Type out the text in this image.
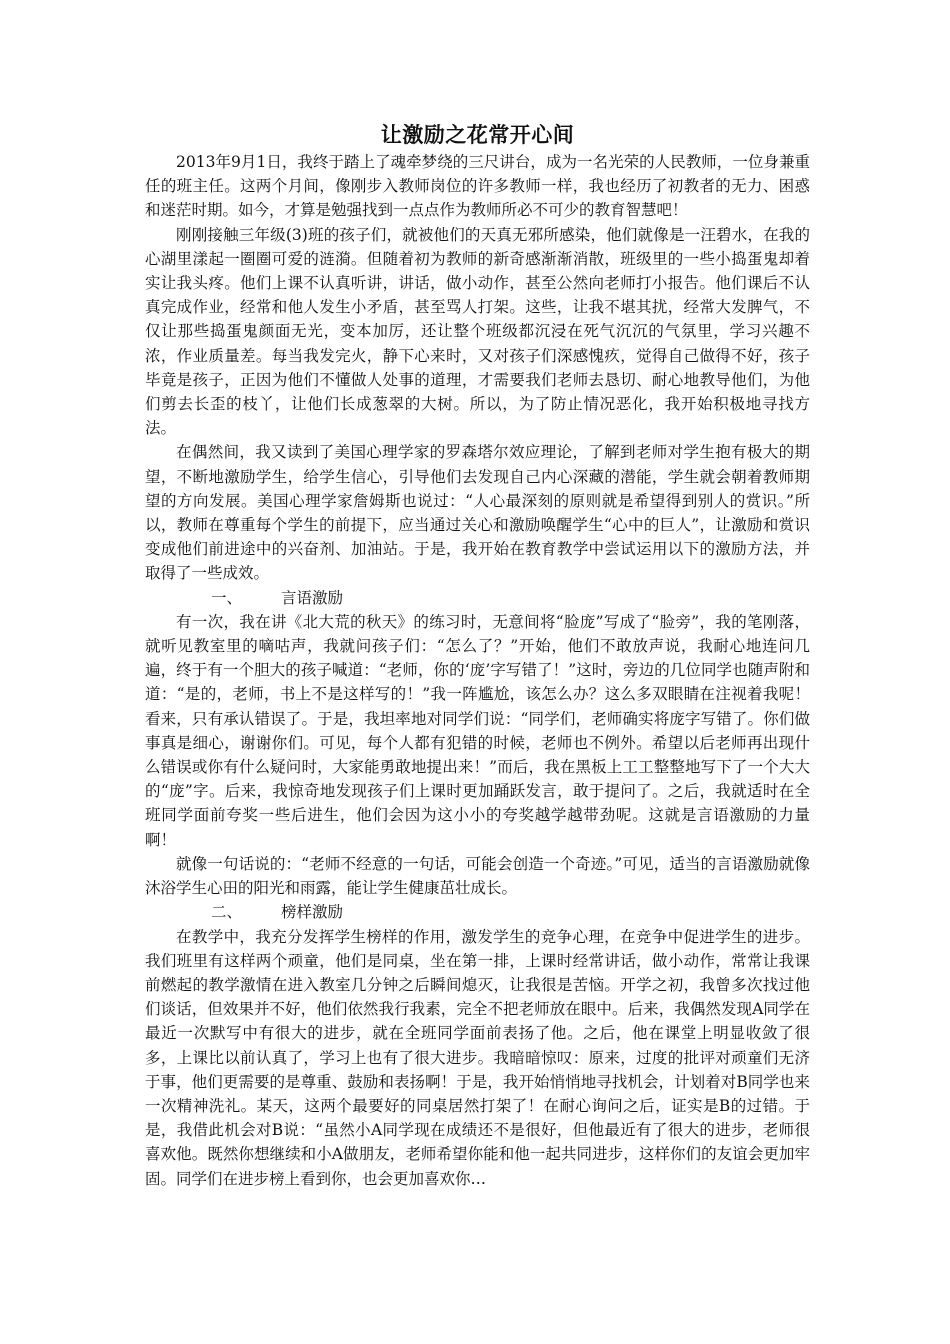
让激励之花常开心间

2013年9月1日，我终于踏上了魂牵梦绕的三尺讲台，成为一名光荣的人民教师，一位身兼重任的班主任。这两个月间，像刚步入教师岗位的许多教师一样，我也经历了初教者的无力、困惑和迷茫时期。如今，才算是勉强找到一点点作为教师所必不可少的教育智慧吧！

刚刚接触三年级(3)班的孩子们，就被他们的天真无邪所感染，他们就像是一汪碧水，在我的心湖里漾起一圈圈可爱的涟漪。但随着初为教师的新奇感渐渐消散，班级里的一些小捣蛋鬼却着实让我头疼。他们上课不认真听讲，讲话，做小动作，甚至公然向老师打小报告。他们课后不认真完成作业，经常和他人发生小矛盾，甚至骂人打架。这些，让我不堪其扰，经常大发脾气，不仅让那些捣蛋鬼颜面无光，变本加厉，还让整个班级都沉浸在死气沉沉的气氛里，学习兴趣不浓，作业质量差。每当我发完火，静下心来时，又对孩子们深感愧疚，觉得自己做得不好，孩子毕竟是孩子，正因为他们不懂做人处事的道理，才需要我们老师去恳切、耐心地教导他们，为他们剪去长歪的枝丫，让他们长成葱翠的大树。所以，为了防止情况恶化，我开始积极地寻找方法。

在偶然间，我又读到了美国心理学家的罗森塔尔效应理论，了解到老师对学生抱有极大的期望，不断地激励学生，给学生信心，引导他们去发现自己内心深藏的潜能，学生就会朝着教师期望的方向发展。美国心理学家詹姆斯也说过：“人心最深刻的原则就是希望得到别人的赏识。”所以，教师在尊重每个学生的前提下，应当通过关心和激励唤醒学生“心中的巨人”，让激励和赏识变成他们前进途中的兴奋剂、加油站。于是，我开始在教育教学中尝试运用以下的激励方法，并取得了一些成效。

一、	言语激励

有一次，我在讲《北大荒的秋天》的练习时，无意间将“脸庞”写成了“脸旁”，我的笔刚落，就听见教室里的嘀咕声，我就问孩子们：“怎么了？”开始，他们不敢放声说，我耐心地连问几遍，终于有一个胆大的孩子喊道：“老师，你的‘庞’字写错了！”这时，旁边的几位同学也随声附和道：“是的，老师，书上不是这样写的！”我一阵尴尬，该怎么办？这么多双眼睛在注视着我呢！看来，只有承认错误了。于是，我坦率地对同学们说：“同学们，老师确实将庞字写错了。你们做事真是细心，谢谢你们。可见，每个人都有犯错的时候，老师也不例外。希望以后老师再出现什么错误或你有什么疑问时，大家能勇敢地提出来！”而后，我在黑板上工工整整地写下了一个大大的“庞”字。后来，我惊奇地发现孩子们上课时更加踊跃发言，敢于提问了。之后，我就适时在全班同学面前夸奖一些后进生，他们会因为这小小的夸奖越学越带劲呢。这就是言语激励的力量啊！

就像一句话说的：“老师不经意的一句话，可能会创造一个奇迹。”可见，适当的言语激励就像沐浴学生心田的阳光和雨露，能让学生健康茁壮成长。

二、	榜样激励

在教学中，我充分发挥学生榜样的作用，激发学生的竞争心理，在竞争中促进学生的进步。我们班里有这样两个顽童，他们是同桌，坐在第一排，上课时经常讲话，做小动作，常常让我课前燃起的教学激情在进入教室几分钟之后瞬间熄灭，让我很是苦恼。开学之初，我曾多次找过他们谈话，但效果并不好，他们依然我行我素，完全不把老师放在眼中。后来，我偶然发现A同学在最近一次默写中有很大的进步，就在全班同学面前表扬了他。之后，他在课堂上明显收敛了很多，上课比以前认真了，学习上也有了很大进步。我暗暗惊叹：原来，过度的批评对顽童们无济于事，他们更需要的是尊重、鼓励和表扬啊！于是，我开始悄悄地寻找机会，计划着对B同学也来一次精神洗礼。某天，这两个最要好的同桌居然打架了！在耐心询问之后，证实是B的过错。于是，我借此机会对B说：“虽然小A同学现在成绩还不是很好，但他最近有了很大的进步，老师很喜欢他。既然你想继续和小A做朋友，老师希望你能和他一起共同进步，这样你们的友谊会更加牢固。同学们在进步榜上看到你，也会更加喜欢你…
